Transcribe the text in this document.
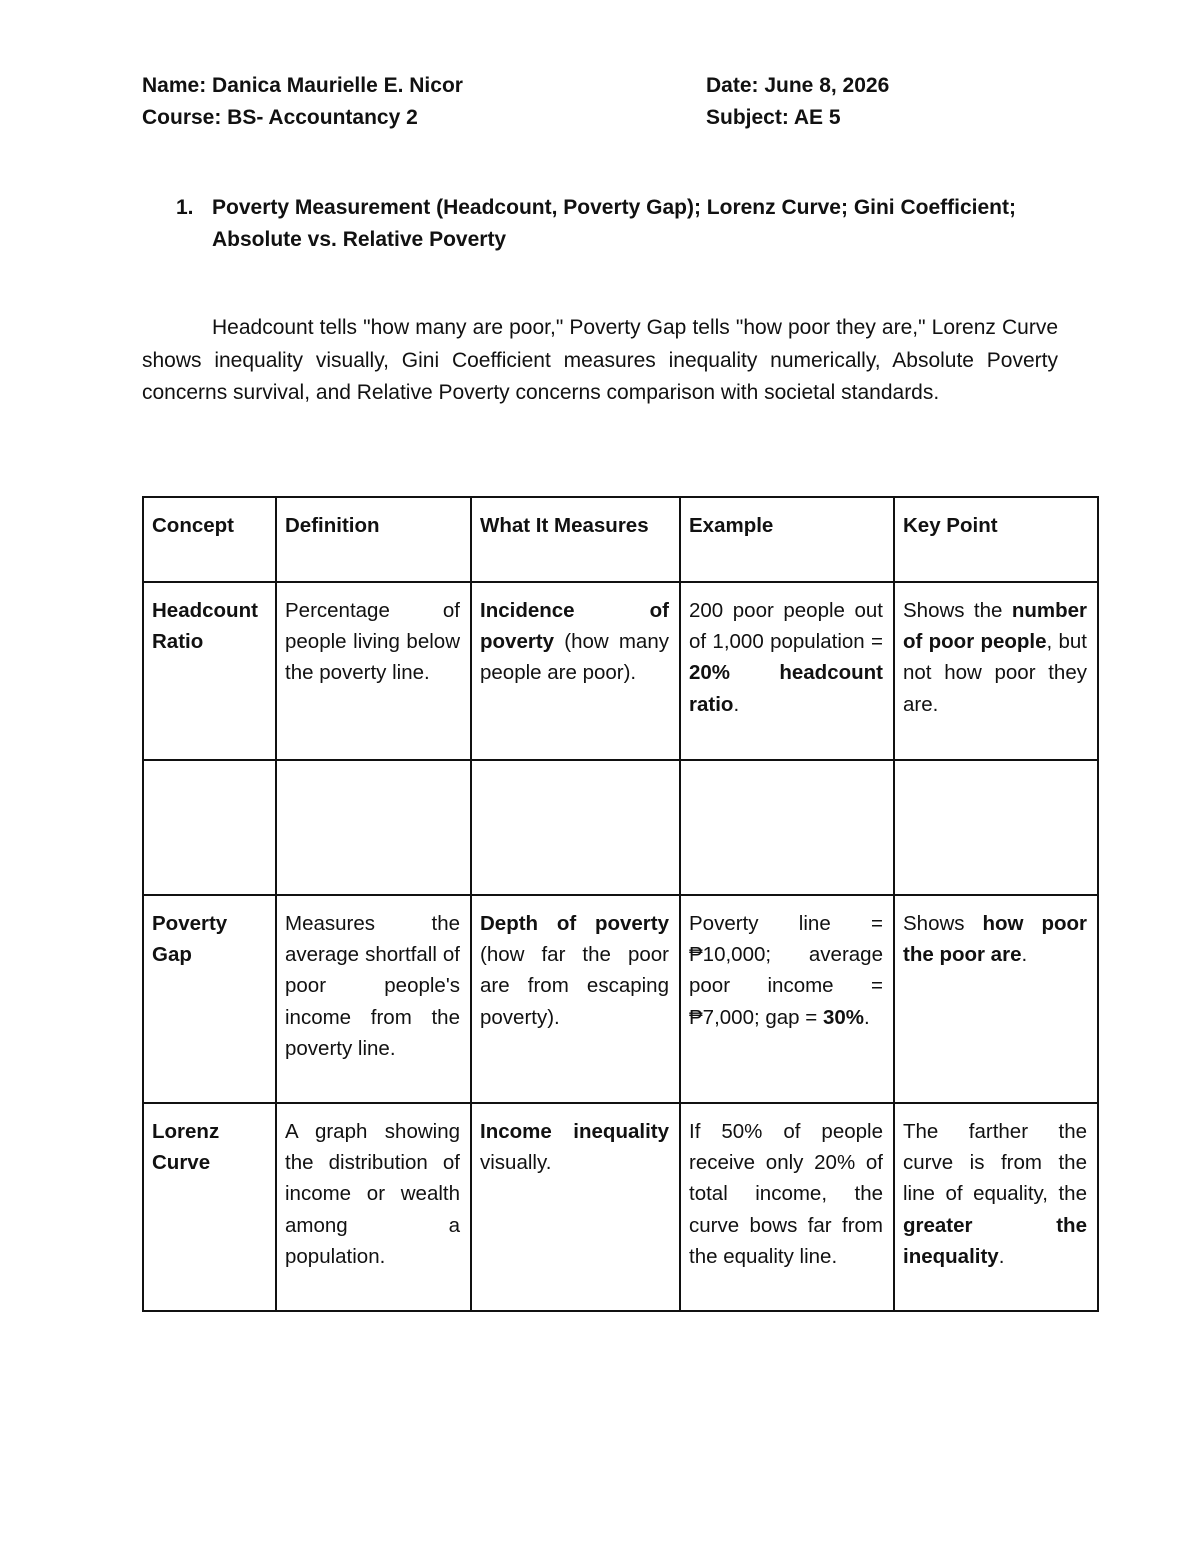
Name: Danica Maurielle E. Nicor	Date: June 8, 2026
Course: BS- Accountancy 2	Subject: AE 5
1. Poverty Measurement (Headcount, Poverty Gap); Lorenz Curve; Gini Coefficient; Absolute vs. Relative Poverty

Headcount tells "how many are poor," Poverty Gap tells "how poor they are," Lorenz Curve shows inequality visually, Gini Coefficient measures inequality numerically, Absolute Poverty concerns survival, and Relative Poverty concerns comparison with societal standards.

Concept	Definition	What It Measures	Example	Key Point
Headcount Ratio	Percentage of people living below the poverty line.	Incidence of poverty (how many people are poor).	200 poor people out of 1,000 population = 20% headcount ratio.	Shows the number of poor people, but not how poor they are.

Poverty Gap	Measures the average shortfall of poor people's income from the poverty line.	Depth of poverty (how far the poor are from escaping poverty).	Poverty line = ₱10,000; average poor income = ₱7,000; gap = 30%.	Shows how poor the poor are.
Lorenz Curve	A graph showing the distribution of income or wealth among a population.	Income inequality visually.	If 50% of people receive only 20% of total income, the curve bows far from the equality line.	The farther the curve is from the line of equality, the greater the inequality.
